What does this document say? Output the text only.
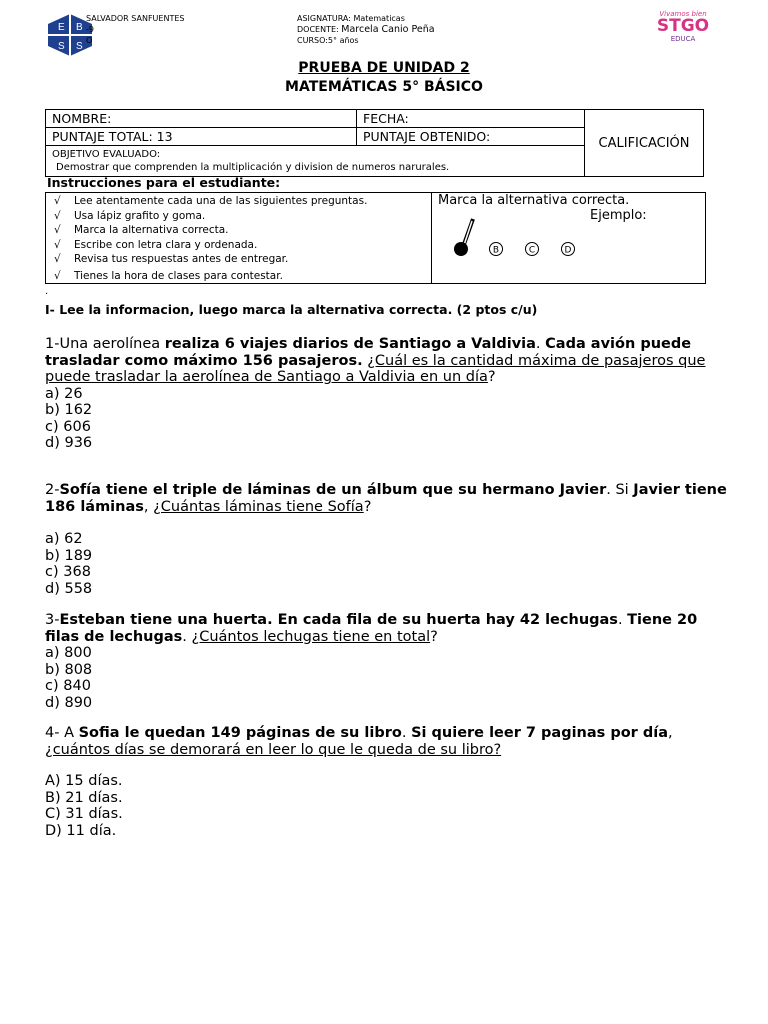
E B
S S
SALVADOR SANFUENTES
-9
O
ASIGNATURA: Matematicas
DOCENTE: Marcela Canio Peña
CURSO:5° años
Vivamos bien
STGO
EDUCA
PRUEBA DE UNIDAD 2
MATEMÁTICAS 5° BÁSICO
NOMBRE:	FECHA:	CALIFICACIÓN
PUNTAJE TOTAL: 13	PUNTAJE OBTENIDO:	

OBJETIVO EVALUADO:
Demostrar que comprenden la multiplicación y division de numeros narurales.		
Instrucciones para el estudiante:
√ Lee atentamente cada una de las siguientes preguntas.
√ Usa lápiz grafito y goma.
√ Marca la alternativa correcta.
√ Escribe con letra clara y ordenada.
√ Revisa tus respuestas antes de entregar.
√ Tienes la hora de clases para contestar.
Marca la alternativa correcta.
Ejemplo:
B	C	D
.
I- Lee la informacion, luego marca la alternativa correcta. (2 ptos c/u)
1-Una aerolínea realiza 6 viajes diarios de Santiago a Valdivia. Cada avión puede trasladar como máximo 156 pasajeros. ¿Cuál es la cantidad máxima de pasajeros que puede trasladar la aerolínea de Santiago a Valdivia en un día?
a) 26
b) 162
c) 606
d) 936
2-Sofía tiene el triple de láminas de un álbum que su hermano Javier. Si Javier tiene 186 láminas, ¿Cuántas láminas tiene Sofía?
a) 62
b) 189
c) 368
d) 558
3-Esteban tiene una huerta. En cada fila de su huerta hay 42 lechugas. Tiene 20 filas de lechugas. ¿Cuántos lechugas tiene en total?
a) 800
b) 808
c) 840
d) 890
4- A Sofia le quedan 149 páginas de su libro. Si quiere leer 7 paginas por día, ¿cuántos días se demorará en leer lo que le queda de su libro?
A) 15 días.
B) 21 días.
C) 31 días.
D) 11 día.
